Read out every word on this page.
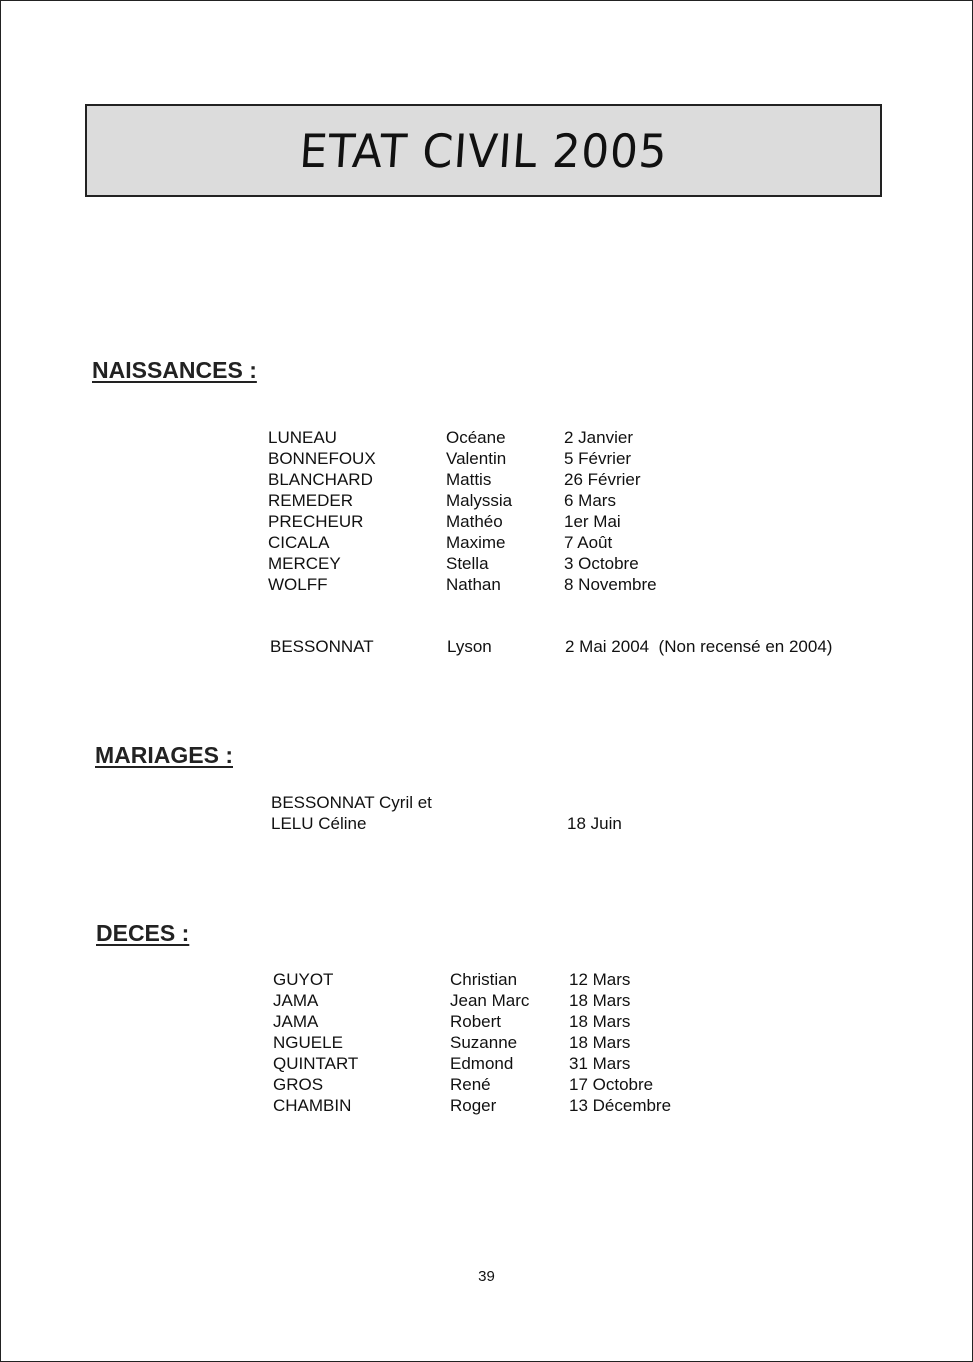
ETAT CIVIL 2005
NAISSANCES :
LUNEAU	Océane	2 Janvier
BONNEFOUX	Valentin	5 Février
BLANCHARD	Mattis	26 Février
REMEDER	Malyssia	6 Mars
PRECHEUR	Mathéo	1er Mai
CICALA	Maxime	7 Août
MERCEY	Stella	3 Octobre
WOLFF	Nathan	8 Novembre
BESSONNAT	Lyson	2 Mai 2004  (Non recensé en 2004)
MARIAGES :
BESSONNAT Cyril et
LELU Céline	18 Juin
DECES :
GUYOT	Christian	12 Mars
JAMA	Jean Marc 18 Mars
JAMA	Robert	18 Mars
NGUELE	Suzanne	18 Mars
QUINTART	Edmond	31 Mars
GROS	René	17 Octobre
CHAMBIN	Roger	13 Décembre
39
